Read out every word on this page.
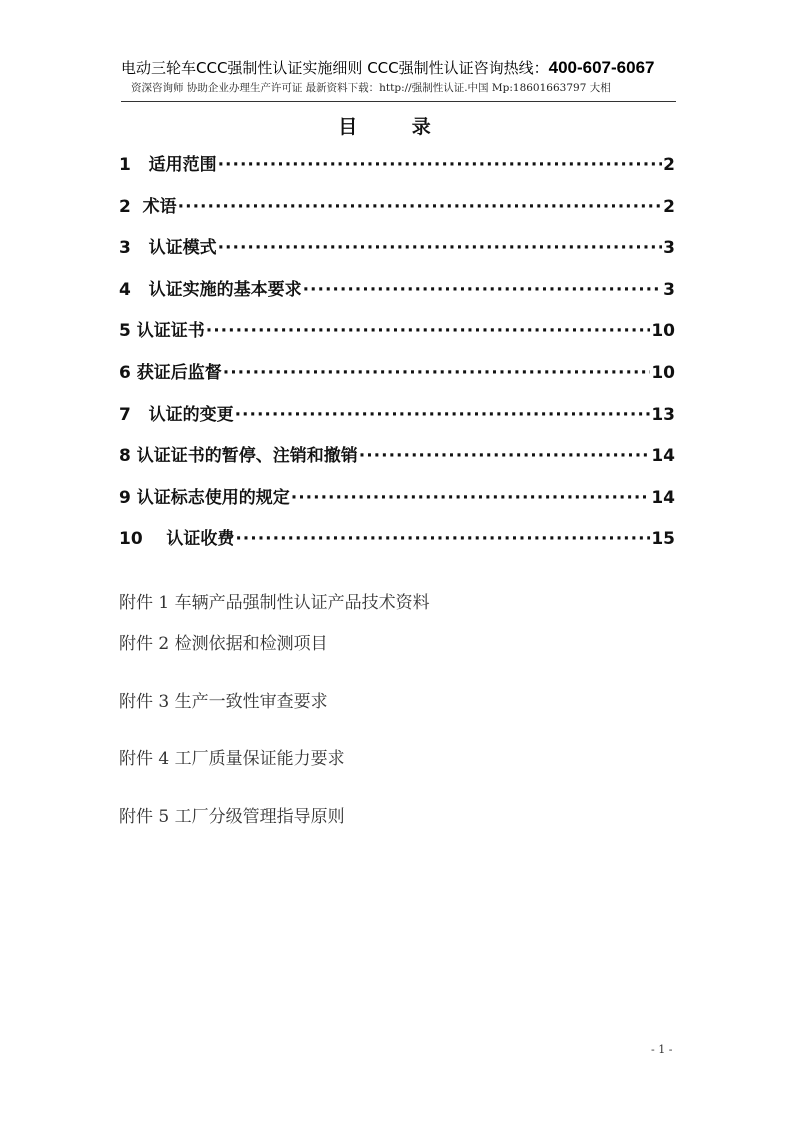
电动三轮车CCC强制性认证实施细则 CCC强制性认证咨询热线：400-607-6067
资深咨询师 协助企业办理生产许可证 最新资料下载：http://强制性认证.中国 Mp:18601663797 大相
目 录
1 适用范围 ·····	2
2 术语 ·····	2
3 认证模式 ·····	3
4 认证实施的基本要求 ·····	3
5 认证证书 ·····	10
6 获证后监督 ·····	10
7 认证的变更 ·····	13
8 认证证书的暂停、注销和撤销 ·····	14
9 认证标志使用的规定 ·····	14
10 认证收费 ·····	15
附件 1 车辆产品强制性认证产品技术资料
附件 2 检测依据和检测项目
附件 3 生产一致性审查要求
附件 4 工厂质量保证能力要求
附件 5 工厂分级管理指导原则
- 1 -
